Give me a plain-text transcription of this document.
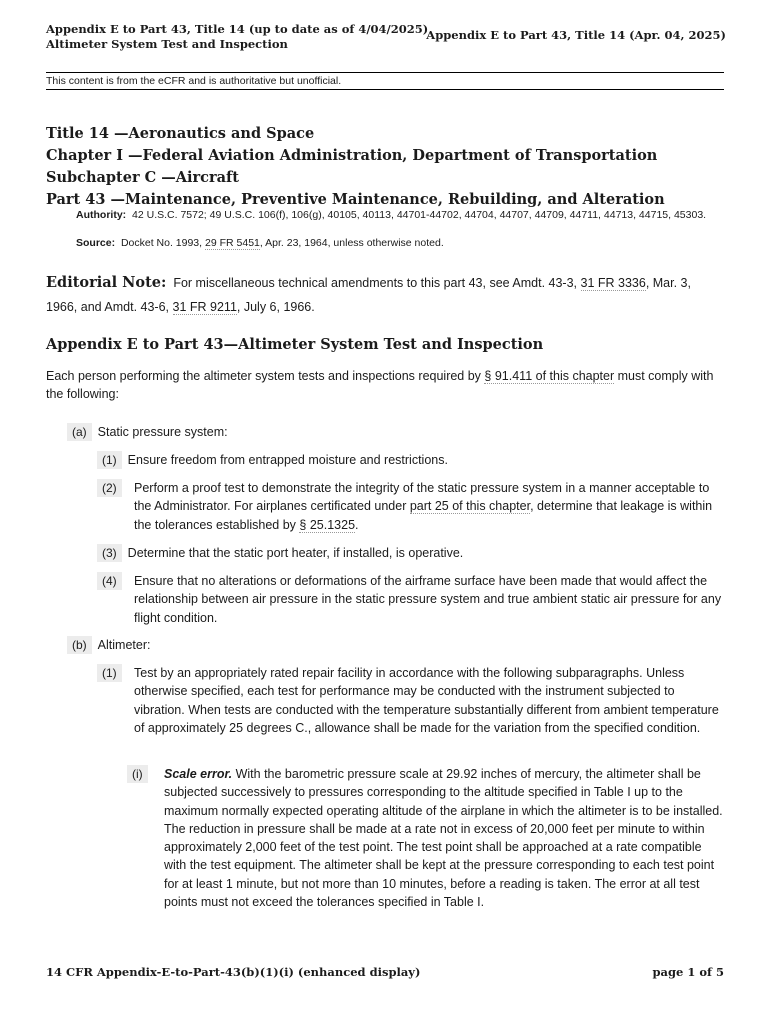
Appendix E to Part 43, Title 14 (up to date as of 4/04/2025)
Altimeter System Test and Inspection
Appendix E to Part 43, Title 14 (Apr. 04, 2025)
This content is from the eCFR and is authoritative but unofficial.
Title 14 —Aeronautics and Space
Chapter I —Federal Aviation Administration, Department of Transportation
Subchapter C —Aircraft
Part 43 —Maintenance, Preventive Maintenance, Rebuilding, and Alteration
Authority: 42 U.S.C. 7572; 49 U.S.C. 106(f), 106(g), 40105, 40113, 44701-44702, 44704, 44707, 44709, 44711, 44713, 44715, 45303.
Source: Docket No. 1993, 29 FR 5451, Apr. 23, 1964, unless otherwise noted.
Editorial Note: For miscellaneous technical amendments to this part 43, see Amdt. 43-3, 31 FR 3336, Mar. 3, 1966, and Amdt. 43-6, 31 FR 9211, July 6, 1966.
Appendix E to Part 43—Altimeter System Test and Inspection
Each person performing the altimeter system tests and inspections required by § 91.411 of this chapter must comply with the following:
(a) Static pressure system:
(1) Ensure freedom from entrapped moisture and restrictions.
(2)	Perform a proof test to demonstrate the integrity of the static pressure system in a manner acceptable to the Administrator. For airplanes certificated under part 25 of this chapter, determine that leakage is within the tolerances established by § 25.1325.
(3) Determine that the static port heater, if installed, is operative.
(4)	Ensure that no alterations or deformations of the airframe surface have been made that would affect the relationship between air pressure in the static pressure system and true ambient static air pressure for any flight condition.
(b) Altimeter:
(1)	Test by an appropriately rated repair facility in accordance with the following subparagraphs. Unless otherwise specified, each test for performance may be conducted with the instrument subjected to vibration. When tests are conducted with the temperature substantially different from ambient temperature of approximately 25 degrees C., allowance shall be made for the variation from the specified condition.
(i)	Scale error. With the barometric pressure scale at 29.92 inches of mercury, the altimeter shall be subjected successively to pressures corresponding to the altitude specified in Table I up to the maximum normally expected operating altitude of the airplane in which the altimeter is to be installed. The reduction in pressure shall be made at a rate not in excess of 20,000 feet per minute to within approximately 2,000 feet of the test point. The test point shall be approached at a rate compatible with the test equipment. The altimeter shall be kept at the pressure corresponding to each test point for at least 1 minute, but not more than 10 minutes, before a reading is taken. The error at all test points must not exceed the tolerances specified in Table I.
14 CFR Appendix-E-to-Part-43(b)(1)(i) (enhanced display)	page 1 of 5
